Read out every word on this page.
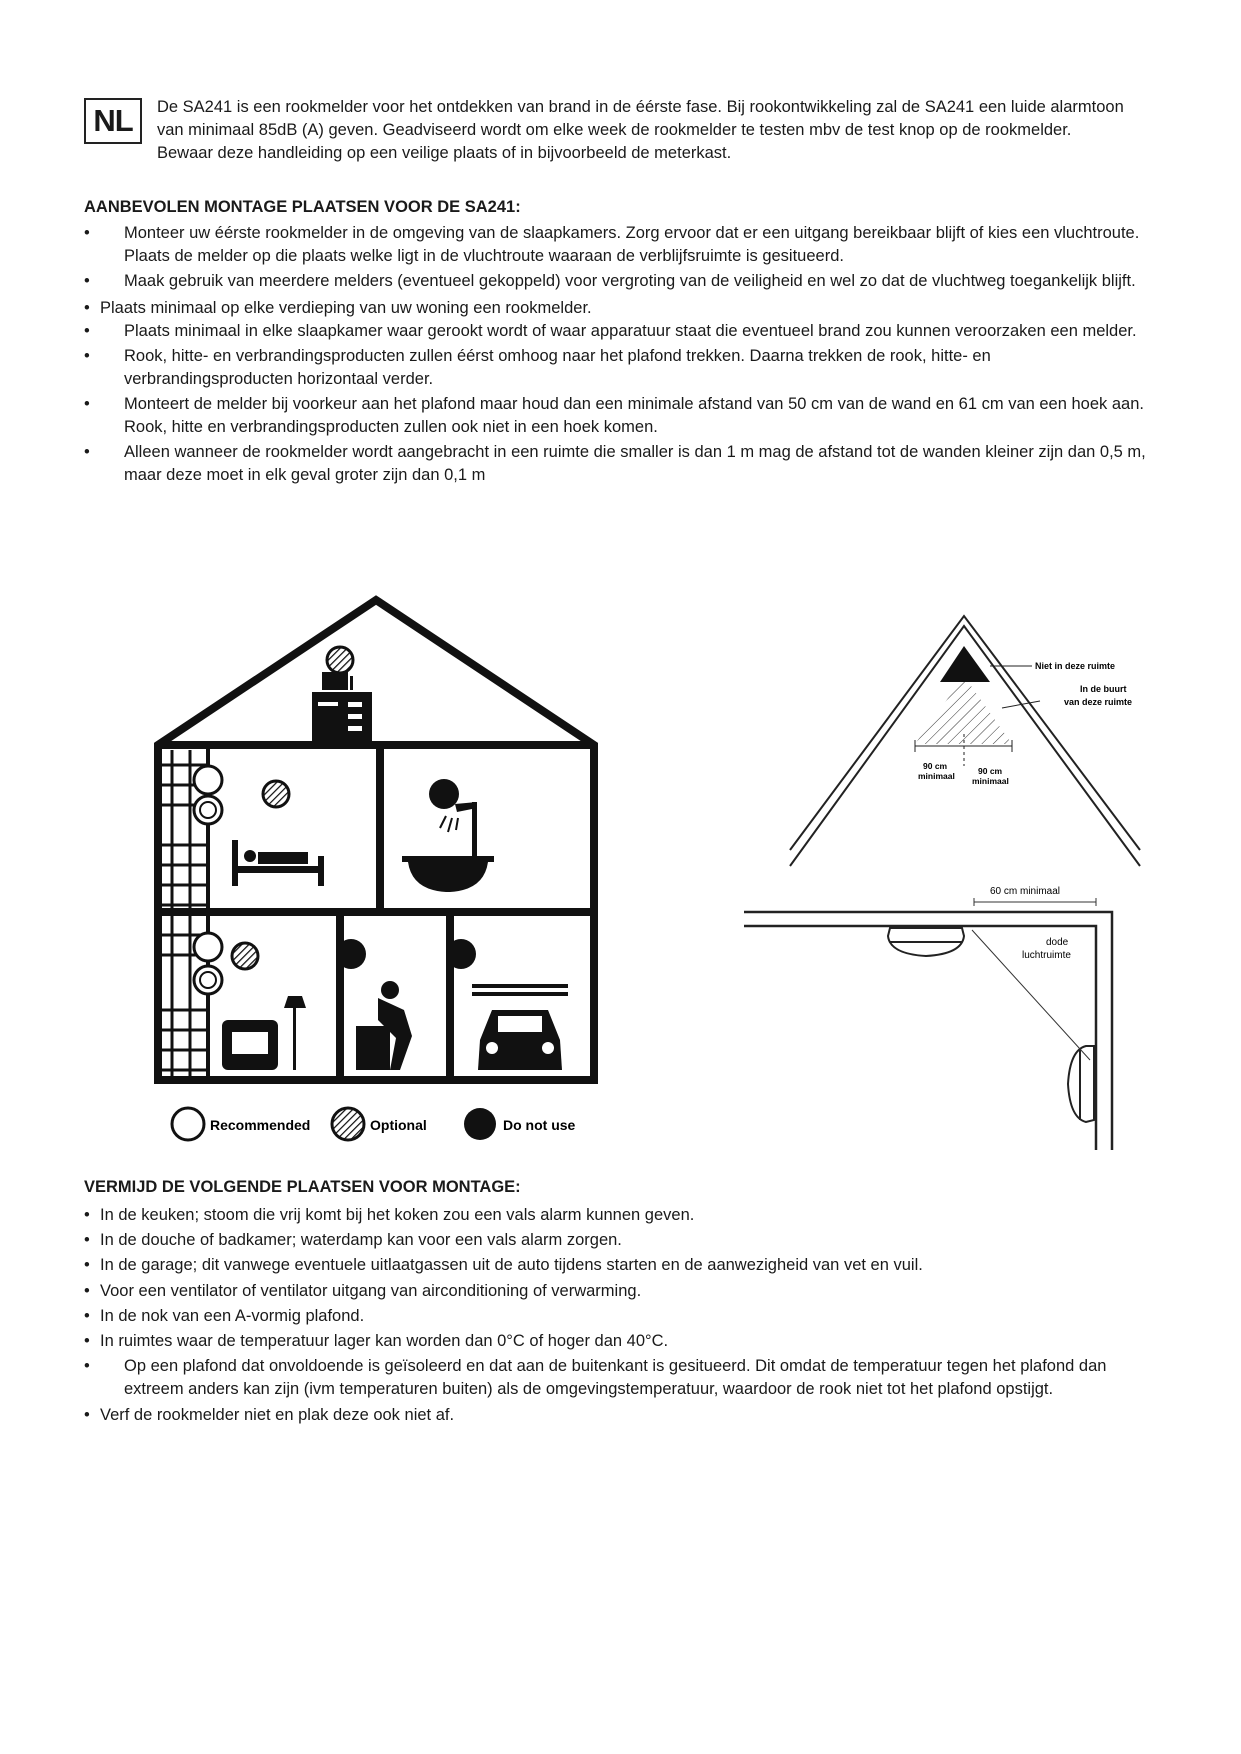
NL	De SA241 is een rookmelder voor het ontdekken van brand in de éérste fase. Bij rookontwikkeling zal de SA241 een luide alarmtoon

van minimaal 85dB (A) geven. Geadviseerd wordt om elke week de rookmelder te testen mbv de test knop op de rookmelder.

Bewaar deze handleiding op een veilige plaats of in bijvoorbeeld de meterkast.

AANBEVOLEN MONTAGE PLAATSEN VOOR DE SA241:
• Monteer uw éérste rookmelder in de omgeving van de slaapkamers. Zorg ervoor dat er een uitgang bereikbaar blijft of kies een vluchtroute. Plaats de melder op die plaats welke ligt in de vluchtroute waaraan de verblijfsruimte is gesitueerd.
• Maak gebruik van meerdere melders (eventueel gekoppeld) voor vergroting van de veiligheid en wel zo dat de vluchtweg toegankelijk blijft.
• Plaats minimaal op elke verdieping van uw woning een rookmelder.
• Plaats minimaal in elke slaapkamer waar gerookt wordt of waar apparatuur staat die eventueel brand zou kunnen veroorzaken een melder.
• Rook, hitte- en verbrandingsproducten zullen éérst omhoog naar het plafond trekken. Daarna trekken de rook, hitte- en verbrandingsproducten horizontaal verder.
• Monteert de melder bij voorkeur aan het plafond maar houd dan een minimale afstand van 50 cm van de wand en 61 cm van een hoek aan. Rook, hitte en verbrandingsproducten zullen ook niet in een hoek komen.
• Alleen wanneer de rookmelder wordt aangebracht in een ruimte die smaller is dan 1 m mag de afstand tot de wanden kleiner zijn dan 0,5 m, maar deze moet in elk geval groter zijn dan 0,1 m
Recommended	Optional	Do not use
Niet in deze ruimte
In de buurt
van deze ruimte
90 cm
minimaal	90 cm
minimaal
60 cm minimaal
dode
luchtruimte
VERMIJD DE VOLGENDE PLAATSEN VOOR MONTAGE:
• In de keuken; stoom die vrij komt bij het koken zou een vals alarm kunnen geven.
• In de douche of badkamer; waterdamp kan voor een vals alarm zorgen.
• In de garage; dit vanwege eventuele uitlaatgassen uit de auto tijdens starten en de aanwezigheid van vet en vuil.
• Voor een ventilator of ventilator uitgang van airconditioning of verwarming.
• In de nok van een A-vormig plafond.
• In ruimtes waar de temperatuur lager kan worden dan 0°C of hoger dan 40°C.
• Op een plafond dat onvoldoende is geïsoleerd en dat aan de buitenkant is gesitueerd. Dit omdat de temperatuur tegen het plafond dan extreem anders kan zijn (ivm temperaturen buiten) als de omgevingstemperatuur, waardoor de rook niet tot het plafond opstijgt.
• Verf de rookmelder niet en plak deze ook niet af.
